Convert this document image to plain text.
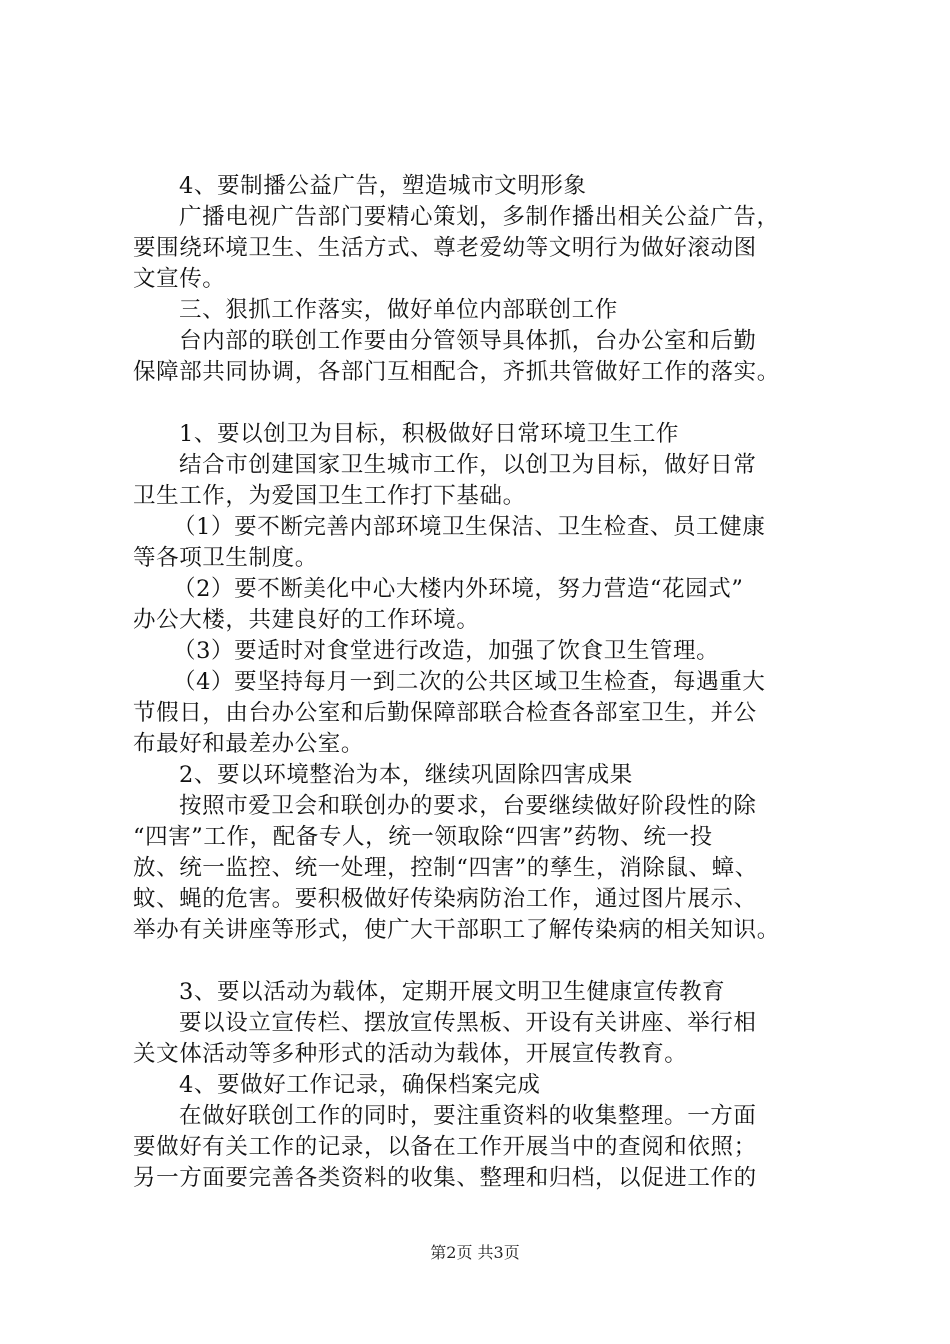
4、要制播公益广告，塑造城市文明形象
广播电视广告部门要精心策划，多制作播出相关公益广告，
要围绕环境卫生、生活方式、尊老爱幼等文明行为做好滚动图
文宣传。
三、狠抓工作落实，做好单位内部联创工作
台内部的联创工作要由分管领导具体抓，台办公室和后勤
保障部共同协调，各部门互相配合，齐抓共管做好工作的落实。
1、要以创卫为目标，积极做好日常环境卫生工作
结合市创建国家卫生城市工作，以创卫为目标，做好日常
卫生工作，为爱国卫生工作打下基础。
（1）要不断完善内部环境卫生保洁、卫生检查、员工健康
等各项卫生制度。
（2）要不断美化中心大楼内外环境，努力营造“花园式”
办公大楼，共建良好的工作环境。
（3）要适时对食堂进行改造，加强了饮食卫生管理。
（4）要坚持每月一到二次的公共区域卫生检查，每遇重大
节假日，由台办公室和后勤保障部联合检查各部室卫生，并公
布最好和最差办公室。
2、要以环境整治为本，继续巩固除四害成果
按照市爱卫会和联创办的要求，台要继续做好阶段性的除
“四害”工作，配备专人，统一领取除“四害”药物、统一投
放、统一监控、统一处理，控制“四害”的孳生，消除鼠、蟑、
蚊、蝇的危害。要积极做好传染病防治工作，通过图片展示、
举办有关讲座等形式，使广大干部职工了解传染病的相关知识。
3、要以活动为载体，定期开展文明卫生健康宣传教育
要以设立宣传栏、摆放宣传黑板、开设有关讲座、举行相
关文体活动等多种形式的活动为载体，开展宣传教育。
4、要做好工作记录，确保档案完成
在做好联创工作的同时，要注重资料的收集整理。一方面
要做好有关工作的记录，以备在工作开展当中的查阅和依照；
另一方面要完善各类资料的收集、整理和归档，以促进工作的
第2页 共3页
